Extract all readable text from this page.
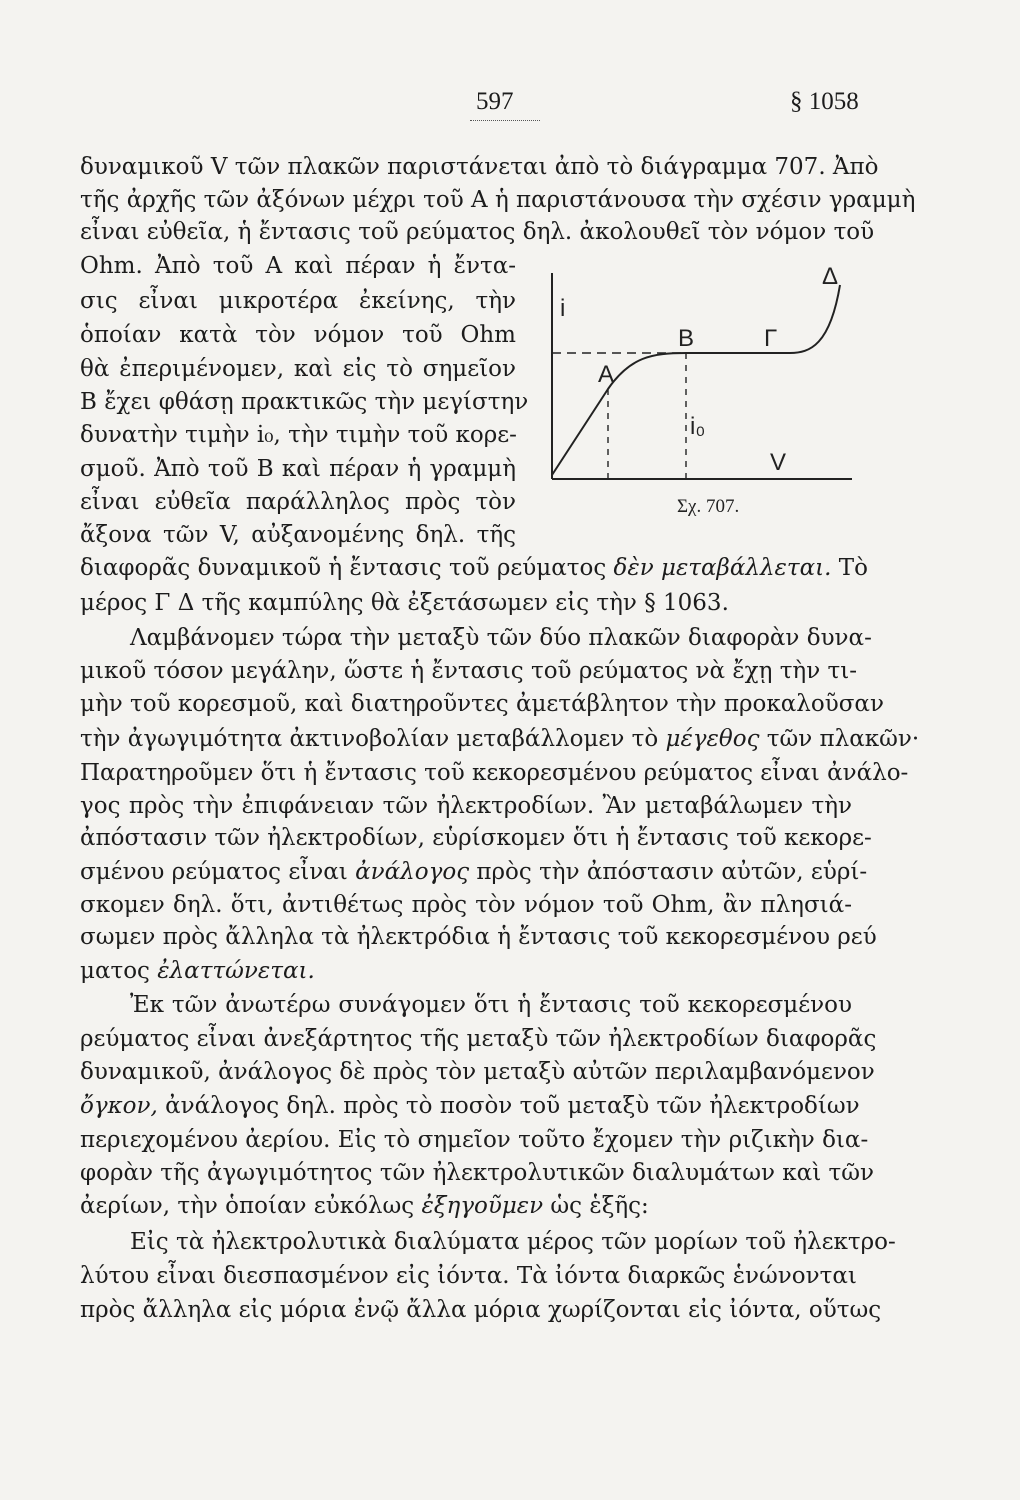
597	§ 1058
δυναμικοῦ V τῶν πλακῶν παριστάνεται ἀπὸ τὸ διάγραμμα 707. Ἀπὸ
τῆς ἀρχῆς τῶν ἀξόνων μέχρι τοῦ A ἡ παριστάνουσα τὴν σχέσιν γραμμὴ
εἶναι εὐθεῖα, ἡ ἔντασις τοῦ ρεύματος δηλ. ἀκολουθεῖ τὸν νόμον τοῦ
Ohm. Ἀπὸ τοῦ A καὶ πέραν ἡ ἔντα-
σις εἶναι μικροτέρα ἐκείνης, τὴν
ὁποίαν κατὰ τὸν νόμον τοῦ Ohm
θὰ ἐπεριμένομεν, καὶ εἰς τὸ σημεῖον
B ἔχει φθάσῃ πρακτικῶς τὴν μεγίστην
δυνατὴν τιμὴν i₀, τὴν τιμὴν τοῦ κορε-
σμοῦ. Ἀπὸ τοῦ B καὶ πέραν ἡ γραμμὴ
εἶναι εὐθεῖα παράλληλος πρὸς τὸν
ἄξονα τῶν V, αὐξανομένης δηλ. τῆς
διαφορᾶς δυναμικοῦ ἡ ἔντασις τοῦ ρεύματος δὲν μεταβάλλεται. Τὸ
μέρος Γ Δ τῆς καμπύλης θὰ ἐξετάσωμεν εἰς τὴν § 1063.
Λαμβάνομεν τώρα τὴν μεταξὺ τῶν δύο πλακῶν διαφορὰν δυνα-
μικοῦ τόσον μεγάλην, ὥστε ἡ ἔντασις τοῦ ρεύματος νὰ ἔχῃ τὴν τι-
μὴν τοῦ κορεσμοῦ, καὶ διατηροῦντες ἀμετάβλητον τὴν προκαλοῦσαν
τὴν ἀγωγιμότητα ἀκτινοβολίαν μεταβάλλομεν τὸ μέγεθος τῶν πλακῶν·
Παρατηροῦμεν ὅτι ἡ ἔντασις τοῦ κεκορεσμένου ρεύματος εἶναι ἀνάλο-
γος πρὸς τὴν ἐπιφάνειαν τῶν ἠλεκτροδίων. Ἂν μεταβάλωμεν τὴν
ἀπόστασιν τῶν ἠλεκτροδίων, εὑρίσκομεν ὅτι ἡ ἔντασις τοῦ κεκορε-
σμένου ρεύματος εἶναι ἀνάλογος πρὸς τὴν ἀπόστασιν αὐτῶν, εὑρί-
σκομεν δηλ. ὅτι, ἀντιθέτως πρὸς τὸν νόμον τοῦ Ohm, ἂν πλησιά-
σωμεν πρὸς ἄλληλα τὰ ἠλεκτρόδια ἡ ἔντασις τοῦ κεκορεσμένου ρεύ
ματος ἐλαττώνεται.
Ἐκ τῶν ἀνωτέρω συνάγομεν ὅτι ἡ ἔντασις τοῦ κεκορεσμένου
ρεύματος εἶναι ἀνεξάρτητος τῆς μεταξὺ τῶν ἠλεκτροδίων διαφορᾶς
δυναμικοῦ, ἀνάλογος δὲ πρὸς τὸν μεταξὺ αὐτῶν περιλαμβανόμενον
ὄγκον, ἀνάλογος δηλ. πρὸς τὸ ποσὸν τοῦ μεταξὺ τῶν ἠλεκτροδίων
περιεχομένου ἀερίου. Εἰς τὸ σημεῖον τοῦτο ἔχομεν τὴν ριζικὴν δια-
φορὰν τῆς ἀγωγιμότητος τῶν ἠλεκτρολυτικῶν διαλυμάτων καὶ τῶν
ἀερίων, τὴν ὁποίαν εὐκόλως ἐξηγοῦμεν ὡς ἑξῆς:
Εἰς τὰ ἠλεκτρολυτικὰ διαλύματα μέρος τῶν μορίων τοῦ ἠλεκτρο-
λύτου εἶναι διεσπασμένον εἰς ἰόντα. Τὰ ἰόντα διαρκῶς ἑνώνονται
πρὸς ἄλληλα εἰς μόρια ἐνῷ ἄλλα μόρια χωρίζονται εἰς ἰόντα, οὕτως
i
A
B	Γ
Δ
i₀
V
Σχ. 707.
